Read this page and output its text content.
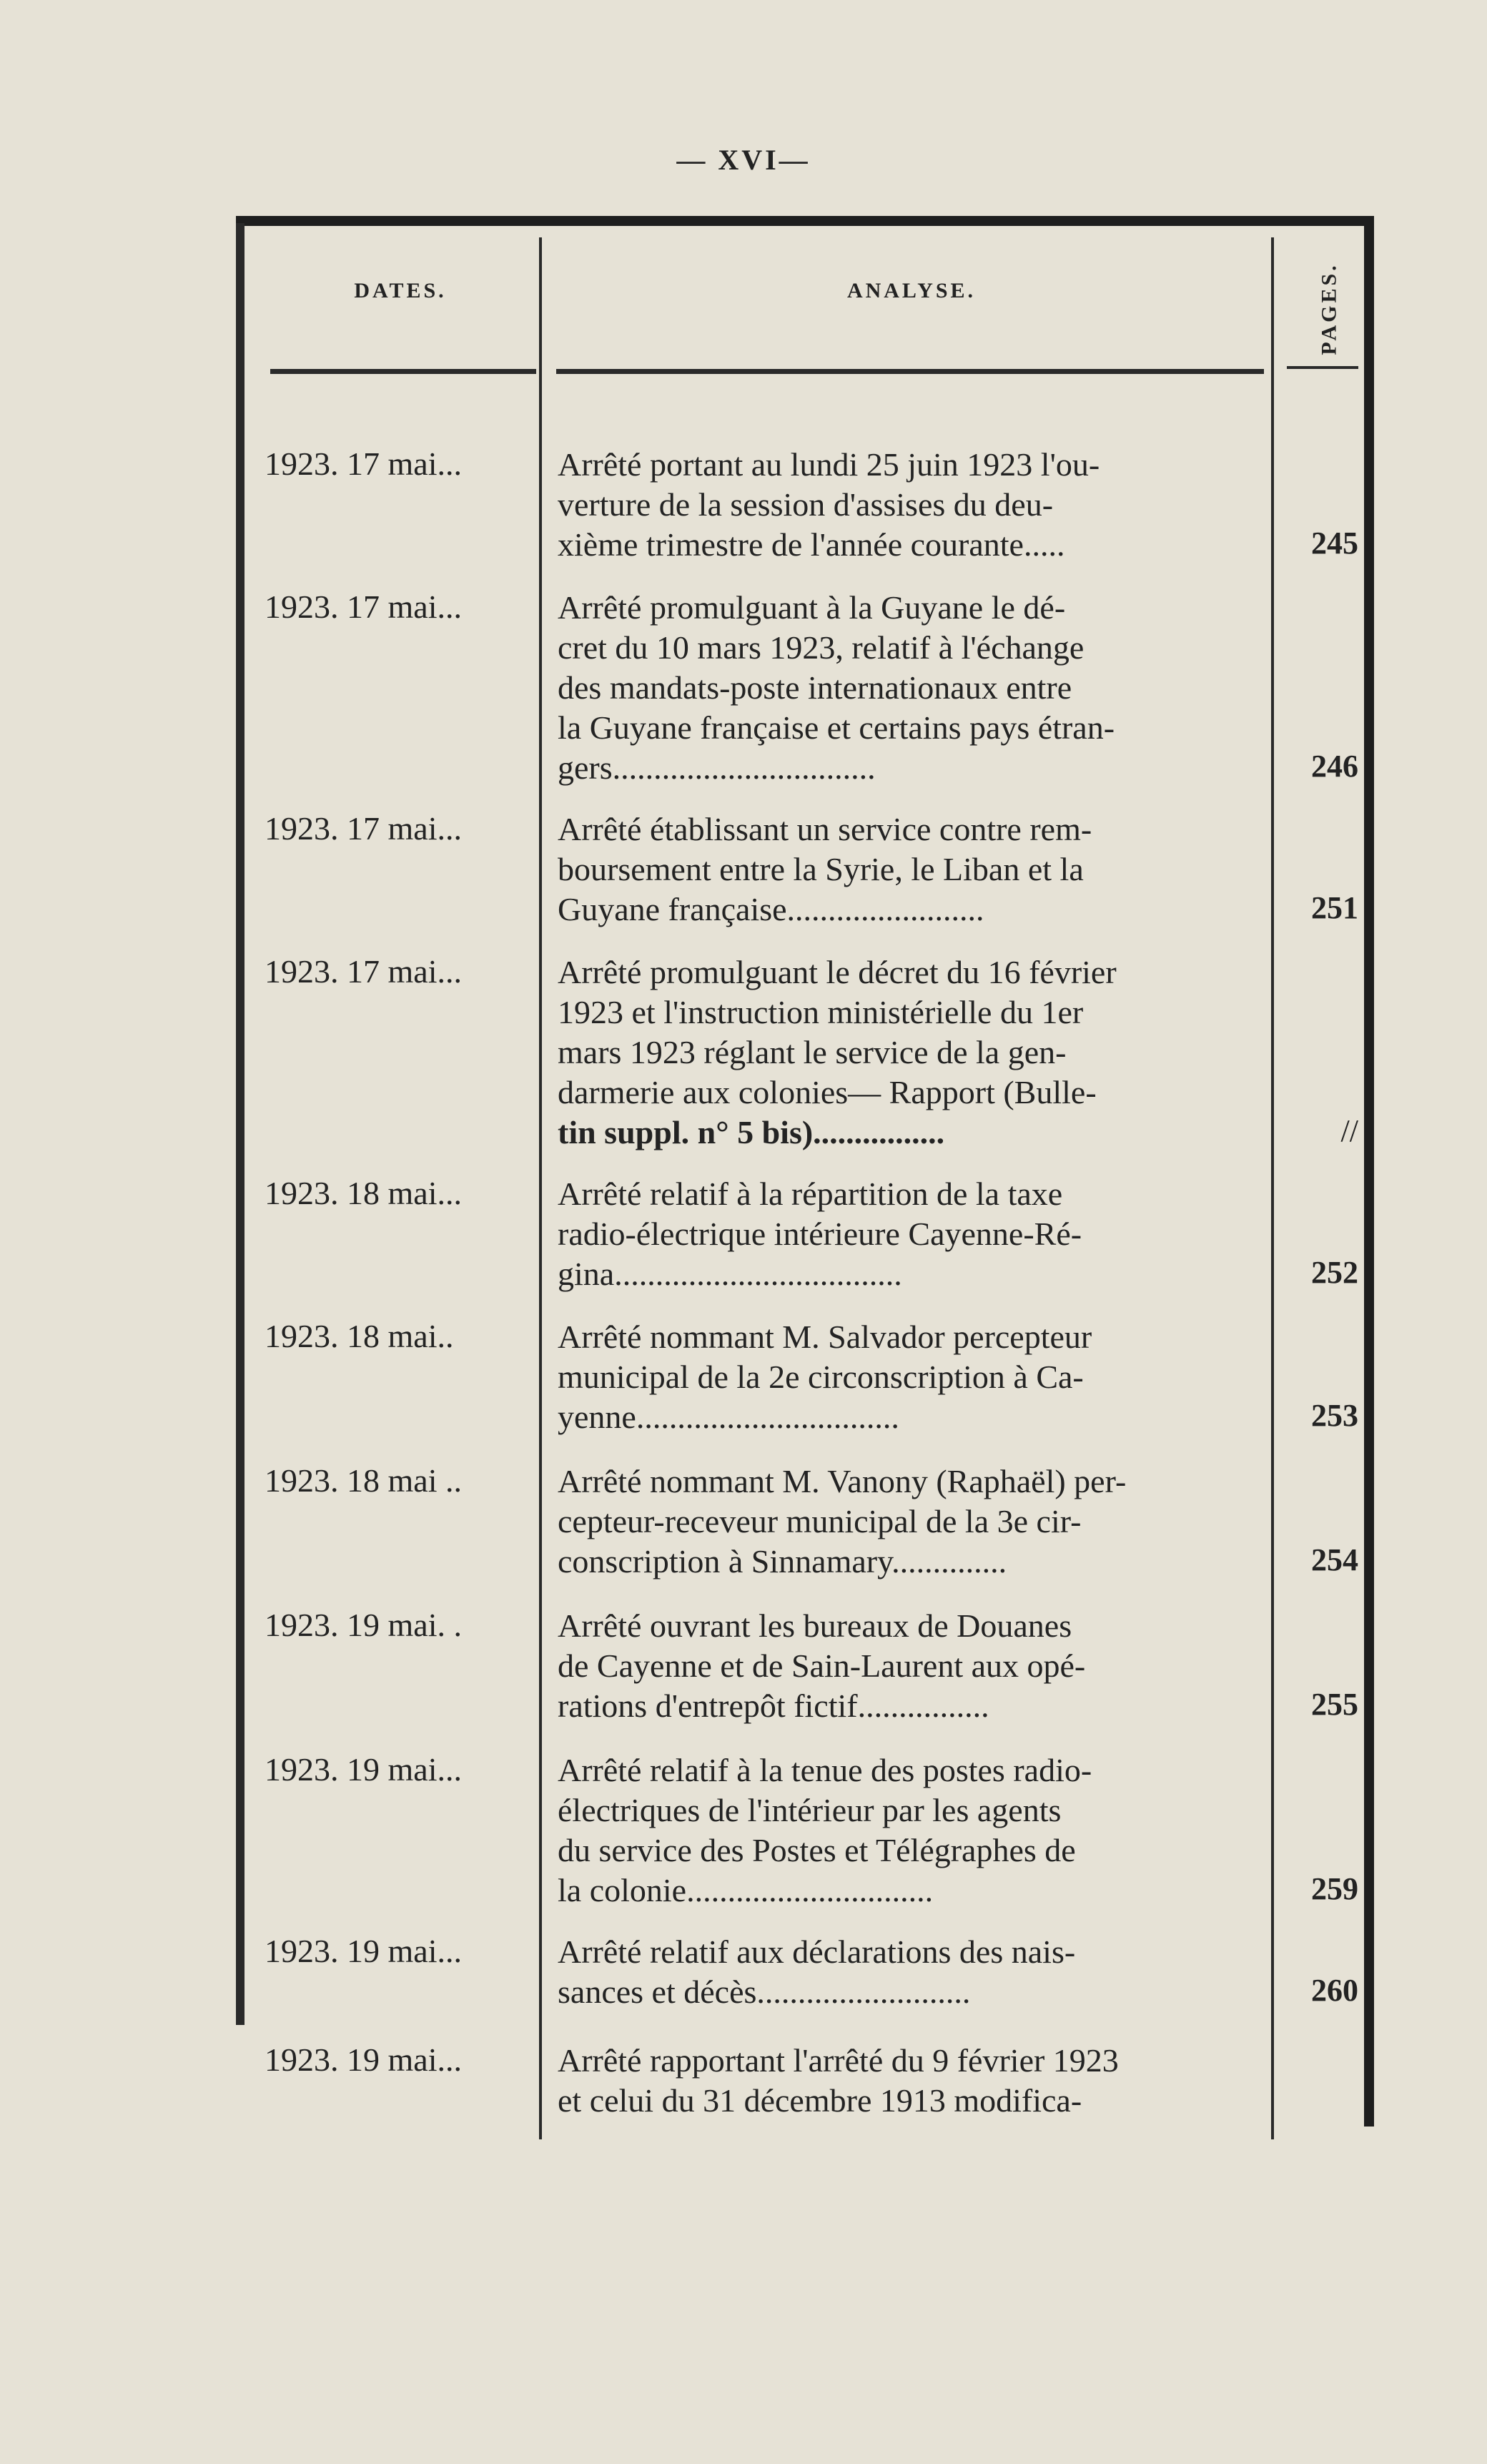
— XVI—
DATES.	ANALYSE.	PAGES.
1923. 17 mai...	Arrêté portant au lundi 25 juin 1923 l'ou-
verture de la session d'assises du deu-
xième trimestre de l'année courante.....	245
1923. 17 mai...	Arrêté promulguant à la Guyane le dé-
cret du 10 mars 1923, relatif à l'échange
des mandats-poste internationaux entre
la Guyane française et certains pays étran-
gers................................	246
1923. 17 mai...	Arrêté établissant un service contre rem-
boursement entre la Syrie, le Liban et la
Guyane française........................	251
1923. 17 mai...	Arrêté promulguant le décret du 16 février
1923 et l'instruction ministérielle du 1er
mars 1923 réglant le service de la gen-
darmerie aux colonies— Rapport (Bulle-
tin suppl. n° 5 bis)................	//
1923. 18 mai...	Arrêté relatif à la répartition de la taxe
radio-électrique intérieure Cayenne-Ré-
gina...................................	252
1923. 18 mai..	Arrêté nommant M. Salvador percepteur
municipal de la 2e circonscription à Ca-
yenne................................	253
1923. 18 mai ..	Arrêté nommant M. Vanony (Raphaël) per-
cepteur-receveur municipal de la 3e cir-
conscription à Sinnamary..............	254
1923. 19 mai. .	Arrêté ouvrant les bureaux de Douanes
de Cayenne et de Sain-Laurent aux opé-
rations d'entrepôt fictif................	255
1923. 19 mai...	Arrêté relatif à la tenue des postes radio-
électriques de l'intérieur par les agents
du service des Postes et Télégraphes de
la colonie..............................	259
1923. 19 mai...	Arrêté relatif aux déclarations des nais-
sances et décès..........................	260
1923. 19 mai...	Arrêté rapportant l'arrêté du 9 février 1923
et celui du 31 décembre 1913 modifica-
